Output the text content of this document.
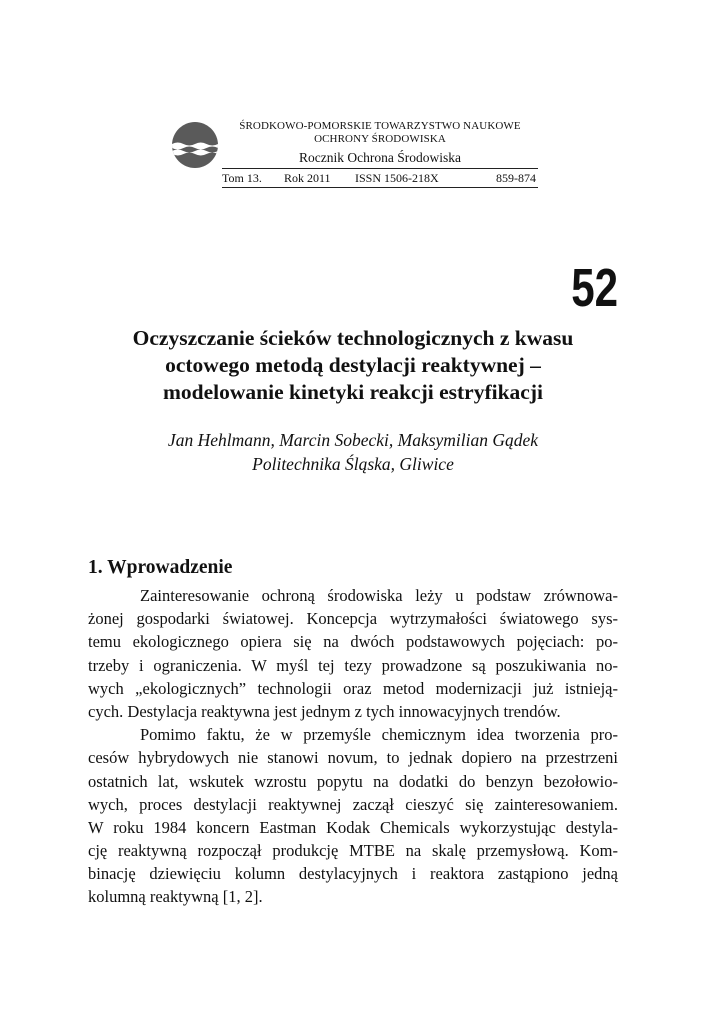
ŚRODKOWO-POMORSKIE TOWARZYSTWO NAUKOWE
OCHRONY ŚRODOWISKA
Rocznik Ochrona Środowiska
Tom 13. Rok 2011 ISSN 1506-218X	859-874
52
Oczyszczanie ścieków technologicznych z kwasu
octowego metodą destylacji reaktywnej –
modelowanie kinetyki reakcji estryfikacji
Jan Hehlmann, Marcin Sobecki, Maksymilian Gądek
Politechnika Śląska, Gliwice
1. Wprowadzenie
Zainteresowanie ochroną środowiska leży u podstaw zrównowa-
żonej gospodarki światowej. Koncepcja wytrzymałości światowego sys-
temu ekologicznego opiera się na dwóch podstawowych pojęciach: po-
trzeby i ograniczenia. W myśl tej tezy prowadzone są poszukiwania no-
wych „ekologicznych” technologii oraz metod modernizacji już istnieją-
cych. Destylacja reaktywna jest jednym z tych innowacyjnych trendów.
Pomimo faktu, że w przemyśle chemicznym idea tworzenia pro-
cesów hybrydowych nie stanowi novum, to jednak dopiero na przestrzeni
ostatnich lat, wskutek wzrostu popytu na dodatki do benzyn bezołowio-
wych, proces destylacji reaktywnej zaczął cieszyć się zainteresowaniem.
W roku 1984 koncern Eastman Kodak Chemicals wykorzystując destyla-
cję reaktywną rozpoczął produkcję MTBE na skalę przemysłową. Kom-
binację dziewięciu kolumn destylacyjnych i reaktora zastąpiono jedną
kolumną reaktywną [1, 2].
